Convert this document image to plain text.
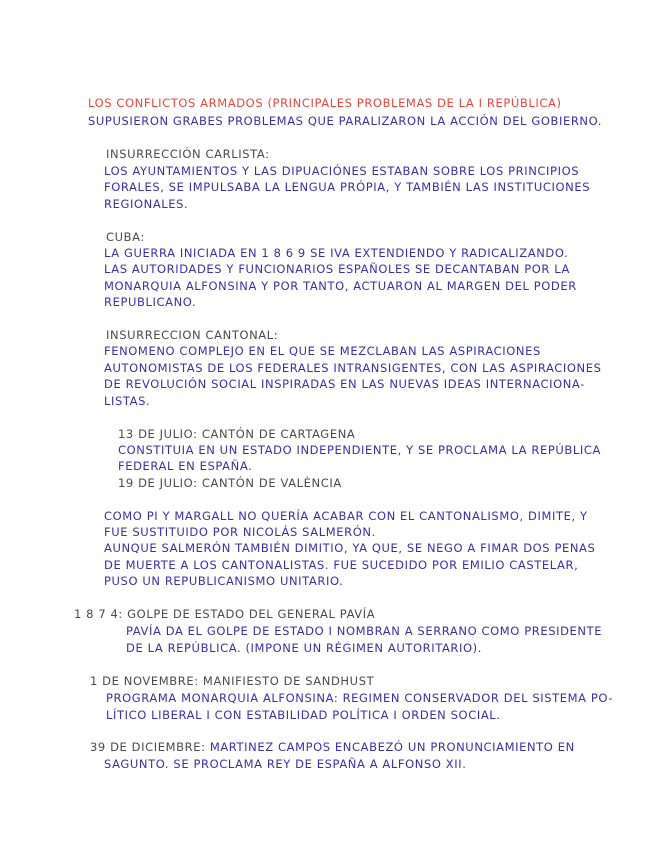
LOS CONFLICTOS ARMADOS (PRINCIPALES PROBLEMAS DE LA I REPÚBLICA)
SUPUSIERON GRABES PROBLEMAS QUE PARALIZARON LA ACCIÓN DEL GOBIERNO.
INSURRECCIÓN CARLISTA:
LOS AYUNTAMIENTOS Y LAS DIPUACIÓNES ESTABAN SOBRE LOS PRINCIPIOS
FORALES, SE IMPULSABA LA LENGUA PRÓPIA, Y TAMBIÉN LAS INSTITUCIONES
REGIONALES.
CUBA:
LA GUERRA INICIADA EN 1 8 6 9 SE IVA EXTENDIENDO Y RADICALIZANDO.
LAS AUTORIDADES Y FUNCIONARIOS ESPAÑOLES SE DECANTABAN POR LA
MONARQUIA ALFONSINA Y POR TANTO, ACTUARON AL MARGEN DEL PODER
REPUBLICANO.
INSURRECCION CANTONAL:
FENOMENO COMPLEJO EN EL QUE SE MEZCLABAN LAS ASPIRACIONES
AUTONOMISTAS DE LOS FEDERALES INTRANSIGENTES, CON LAS ASPIRACIONES
DE REVOLUCIÓN SOCIAL INSPIRADAS EN LAS NUEVAS IDEAS INTERNACIONA-
LISTAS.
13 DE JULIO: CANTÓN DE CARTAGENA
CONSTITUIA EN UN ESTADO INDEPENDIENTE, Y SE PROCLAMA LA REPÚBLICA
FEDERAL EN ESPAÑA.
19 DE JULIO: CANTÓN DE VALÈNCIA
COMO PI Y MARGALL NO QUERÍA ACABAR CON EL CANTONALISMO, DIMITE, Y
FUE SUSTITUIDO POR NICOLÁS SALMERÓN.
AUNQUE SALMERÓN TAMBIÉN DIMITIO, YA QUE, SE NEGO A FIMAR DOS PENAS
DE MUERTE A LOS CANTONALISTAS. FUE SUCEDIDO POR EMILIO CASTELAR,
PUSO UN REPUBLICANISMO UNITARIO.
1 8 7 4: GOLPE DE ESTADO DEL GENERAL PAVÍA
PAVÍA DA EL GOLPE DE ESTADO I NOMBRAN A SERRANO COMO PRESIDENTE
DE LA REPÚBLICA. (IMPONE UN RÉGIMEN AUTORITARIO).
1 DE NOVEMBRE: MANIFIESTO DE SANDHUST
PROGRAMA MONARQUIA ALFONSINA: REGIMEN CONSERVADOR DEL SISTEMA PO-
LÍTICO LIBERAL I CON ESTABILIDAD POLÍTICA I ORDEN SOCIAL.
39 DE DICIEMBRE: MARTINEZ CAMPOS ENCABEZÓ UN PRONUNCIAMIENTO EN
SAGUNTO. SE PROCLAMA REY DE ESPAÑA A ALFONSO XII.
